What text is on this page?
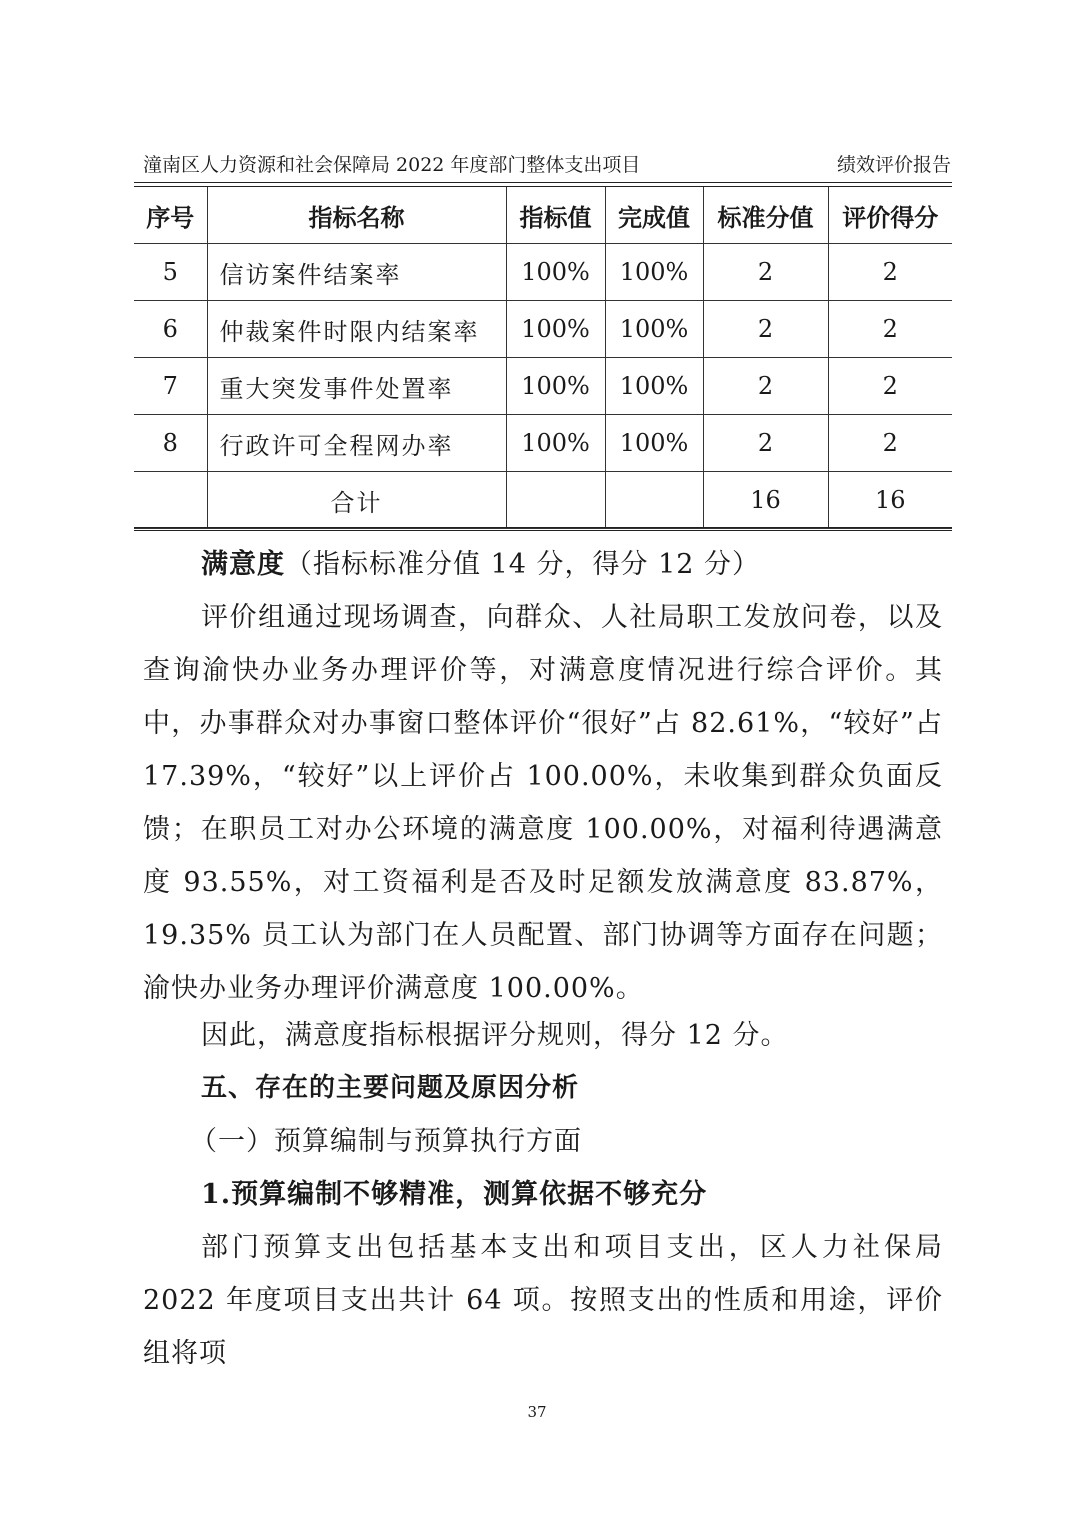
潼南区人力资源和社会保障局 2022 年度部门整体支出项目	绩效评价报告
序号	指标名称	指标值	完成值	标准分值	评价得分
5	信访案件结案率	100%	100%	2	2
6	仲裁案件时限内结案率	100%	100%	2	2
7	重大突发事件处置率	100%	100%	2	2
8	行政许可全程网办率	100%	100%	2	2
	合计			16	16
满意度（指标标准分值 14 分，得分 12 分）
评价组通过现场调查，向群众、人社局职工发放问卷，以及查询渝快办业务办理评价等，对满意度情况进行综合评价。其中，办事群众对办事窗口整体评价“很好”占 82.61%，“较好”占 17.39%，“较好”以上评价占 100.00%，未收集到群众负面反馈；在职员工对办公环境的满意度 100.00%，对福利待遇满意度 93.55%，对工资福利是否及时足额发放满意度 83.87%，19.35% 员工认为部门在人员配置、部门协调等方面存在问题；渝快办业务办理评价满意度 100.00%。
因此，满意度指标根据评分规则，得分 12 分。
五、存在的主要问题及原因分析
（一）预算编制与预算执行方面
1.预算编制不够精准，测算依据不够充分
部门预算支出包括基本支出和项目支出，区人力社保局 2022 年度项目支出共计 64 项。按照支出的性质和用途，评价组将项
37
